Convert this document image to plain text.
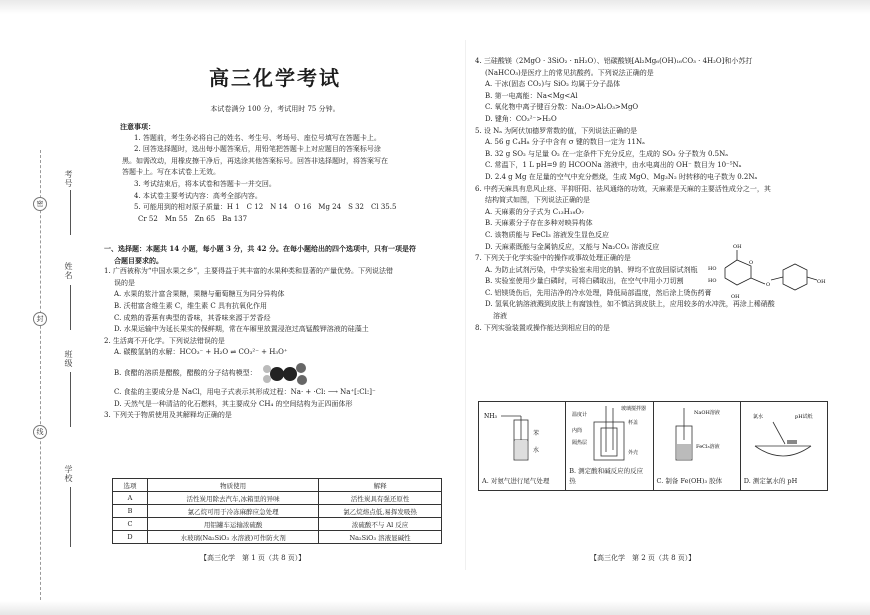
密
封
线
考号
姓名
班级
学校
高三化学考试
本试卷满分 100 分，考试用时 75 分钟。

注意事项：

1. 答题前，考生务必将自己的姓名、考生号、考场号、座位号填写在答题卡上。

2. 回答选择题时，选出每小题答案后，用铅笔把答题卡上对应题目的答案标号涂

黑。如需改动，用橡皮擦干净后，再选涂其他答案标号。回答非选择题时，将答案写在

答题卡上。写在本试卷上无效。

3. 考试结束后，将本试卷和答题卡一并交回。

4. 本试卷主要考试内容：高考全部内容。

5. 可能用到的相对原子质量：H 1　C 12　N 14　O 16　Mg 24　S 32　Cl 35.5

Cr 52　Mn 55　Zn 65　Ba 137

一、选择题：本题共 14 小题，每小题 3 分，共 42 分。在每小题给出的四个选项中，只有一项是符

合题目要求的。

1. 广西被称为“中国水果之乡”，主要得益于其丰富的水果种类和显著的产量优势。下列说法错

误的是

A. 水果的浆汁富含果糖，果糖与葡萄糖互为同分异构体

B. 沃柑富含维生素 C，维生素 C 具有抗氧化作用

C. 成熟的香蕉有典型的香味，其香味来源于芳香烃

D. 水果运输中为延长果实的保鲜期，常在车厢里放置浸泡过高锰酸钾溶液的硅藻土

2. 生活离不开化学。下列说法错误的是

A. 碳酸氢钠的水解：HCO₃⁻ + H₂O ⇌ CO₃²⁻ + H₃O⁺

B. 食醋的溶质是醋酸，醋酸的分子结构模型：

C. 食盐的主要成分是 NaCl，用电子式表示其形成过程：Na· + ·Cl: ⟶ Na⁺[:Cl:]⁻

D. 天然气是一种清洁的化石燃料，其主要成分 CH₄ 的空间结构为正四面体形

3. 下列关于物质使用及其解释均正确的是

选项	物质使用	解释
A	活性炭用除去汽车,冰箱里的异味	活性炭具有强还原性
B	氯乙烷可用于冷冻麻醉应急处理	氯乙烷熔点低,易挥发吸热
C	用铝罐车运输浓硫酸	浓硫酸不与 Al 反应
D	水玻璃(Na₂SiO₃ 水溶液)可作防火剂	Na₂SiO₃ 溶液显碱性
【高三化学　第 1 页（共 8 页）】

4. 三硅酸镁（2MgO · 3SiO₂ · nH₂O）、铝碳酸镁[Al₂Mg₆(OH)₁₆CO₃ · 4H₂O]和小苏打

(NaHCO₃)是医疗上的常见抗酸药。下列说法正确的是

A. 干冰(固态 CO₂)与 SiO₂ 均属于分子晶体

B. 第一电离能：Na<Mg<Al

C. 氧化物中离子键百分数：Na₂O>Al₂O₃>MgO

D. 键角：CO₃²⁻>H₂O

5. 设 Nₐ 为阿伏加德罗常数的值，下列说法正确的是

A. 56 g C₄H₈ 分子中含有 σ 键的数目一定为 11Nₐ

B. 32 g SO₂ 与足量 O₂ 在一定条件下充分反应，生成的 SO₃ 分子数为 0.5Nₐ

C. 常温下，1 L pH=9 的 HCOONa 溶液中，由水电离出的 OH⁻ 数目为 10⁻⁵Nₐ

D. 2.4 g Mg 在足量的空气中充分燃烧，生成 MgO、Mg₃N₂ 时转移的电子数为 0.2Nₐ

6. 中药天麻具有息风止痉、平抑肝阳、祛风通络的功效，天麻素是天麻的主要活性成分之一，其

结构简式如图，下列说法正确的是

A. 天麻素的分子式为 C₁₃H₁₈O₇

B. 天麻素分子存在多种对映异构体

C. 该物质能与 FeCl₃ 溶液发生显色反应

D. 天麻素既能与金属钠反应，又能与 Na₂CO₃ 溶液反应

7. 下列关于化学实验中的操作或事故处理正确的是

A. 为防止试剂污染，中学实验室未用完的钠、钾均不宜放回原试剂瓶

B. 实验室使用少量白磷时，可将白磷取出，在空气中用小刀切割

C. 铝镁烫伤后，先用洁净的冷水处理，降低局部温度，然后涂上烫伤药膏

D. 氢氧化钠溶液溅到皮肤上有腐蚀性，如不慎沾到皮肤上，应用较多的水冲洗，再涂上稀硝酸

溶液

8. 下列实验装置或操作能达到相应目的的是

OH
O
O
HO
HO
OH
OH
NH₃
苯
水
A. 对氨气进行尾气处理

温度计
玻璃搅拌器
杯盖
内筒
隔热层
外壳
B. 测定酸和碱反应的反应热

NaOH溶液
FeCl₃溶液
C. 制备 Fe(OH)₃ 胶体

氯水	pH试纸
D. 测定氯水的 pH
【高三化学　第 2 页（共 8 页）】
